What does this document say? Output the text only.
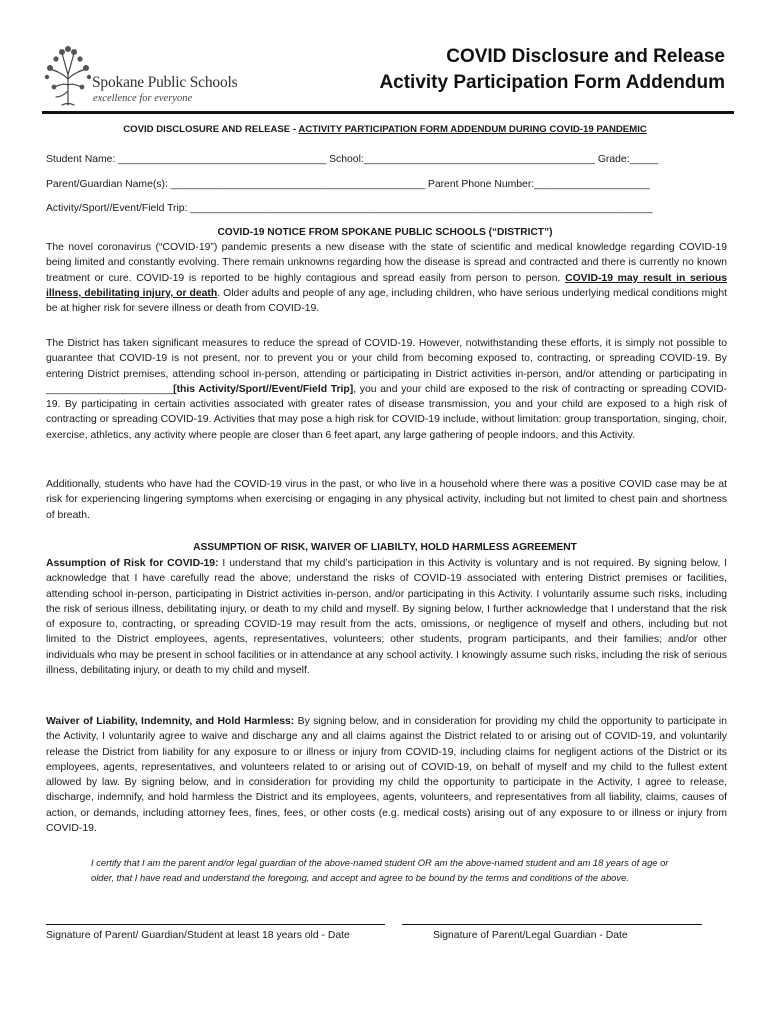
Spokane Public Schools
excellence for everyone
COVID Disclosure and Release
Activity Participation Form Addendum
COVID DISCLOSURE AND RELEASE - ACTIVITY PARTICIPATION FORM ADDENDUM DURING COVID-19 PANDEMIC
Student Name: ____________________________________ School:________________________________________ Grade:_____
Parent/Guardian Name(s): ____________________________________________ Parent Phone Number:____________________
Activity/Sport//Event/Field Trip: ________________________________________________________________________________
COVID-19 NOTICE FROM SPOKANE PUBLIC SCHOOLS (“DISTRICT”)
The novel coronavirus (“COVID-19”) pandemic presents a new disease with the state of scientific and medical knowledge regarding COVID-19 being limited and constantly evolving. There remain unknowns regarding how the disease is spread and contracted and there is currently no known treatment or cure. COVID-19 is reported to be highly contagious and spread easily from person to person. COVID-19 may result in serious illness, debilitating injury, or death. Older adults and people of any age, including children, who have serious underlying medical conditions might be at higher risk for severe illness or death from COVID-19.
The District has taken significant measures to reduce the spread of COVID-19. However, notwithstanding these efforts, it is simply not possible to guarantee that COVID-19 is not present, nor to prevent you or your child from becoming exposed to, contracting, or spreading COVID-19. By entering District premises, attending school in-person, attending or participating in District activities in-person, and/or attending or participating in ______________________[this Activity/Sport//Event/Field Trip], you and your child are exposed to the risk of contracting or spreading COVID-19. By participating in certain activities associated with greater rates of disease transmission, you and your child are exposed to a high risk of contracting or spreading COVID-19. Activities that may pose a high risk for COVID-19 include, without limitation: group transportation, singing, choir, exercise, athletics, any activity where people are closer than 6 feet apart, any large gathering of people indoors, and this Activity.
Additionally, students who have had the COVID-19 virus in the past, or who live in a household where there was a positive COVID case may be at risk for experiencing lingering symptoms when exercising or engaging in any physical activity, including but not limited to chest pain and shortness of breath.
ASSUMPTION OF RISK, WAIVER OF LIABILTY, HOLD HARMLESS AGREEMENT
Assumption of Risk for COVID-19: I understand that my child’s participation in this Activity is voluntary and is not required. By signing below, I acknowledge that I have carefully read the above; understand the risks of COVID-19 associated with entering District premises or facilities, attending school in-person, participating in District activities in-person, and/or participating in this Activity. I voluntarily assume such risks, including the risk of serious illness, debilitating injury, or death to my child and myself. By signing below, I further acknowledge that I understand that the risk of exposure to, contracting, or spreading COVID-19 may result from the acts, omissions, or negligence of myself and others, including but not limited to the District employees, agents, representatives, volunteers; other students, program participants, and their families; and/or other individuals who may be present in school facilities or in attendance at any school activity. I knowingly assume such risks, including the risk of serious illness, debilitating injury, or death to my child and myself.
Waiver of Liability, Indemnity, and Hold Harmless: By signing below, and in consideration for providing my child the opportunity to participate in the Activity, I voluntarily agree to waive and discharge any and all claims against the District related to or arising out of COVID-19, and voluntarily release the District from liability for any exposure to or illness or injury from COVID-19, including claims for negligent actions of the District or its employees, agents, representatives, and volunteers related to or arising out of COVID-19, on behalf of myself and my child to the fullest extent allowed by law. By signing below, and in consideration for providing my child the opportunity to participate in the Activity, I agree to release, discharge, indemnify, and hold harmless the District and its employees, agents, volunteers, and representatives from all liability, claims, causes of action, or demands, including attorney fees, fines, fees, or other costs (e.g. medical costs) arising out of any exposure to or illness or injury from COVID-19.
I certify that I am the parent and/or legal guardian of the above-named student OR am the above-named student and am 18 years of age or older, that I have read and understand the foregoing, and accept and agree to be bound by the terms and conditions of the above.
Signature of Parent/ Guardian/Student at least 18 years old - Date	Signature of Parent/Legal Guardian - Date
